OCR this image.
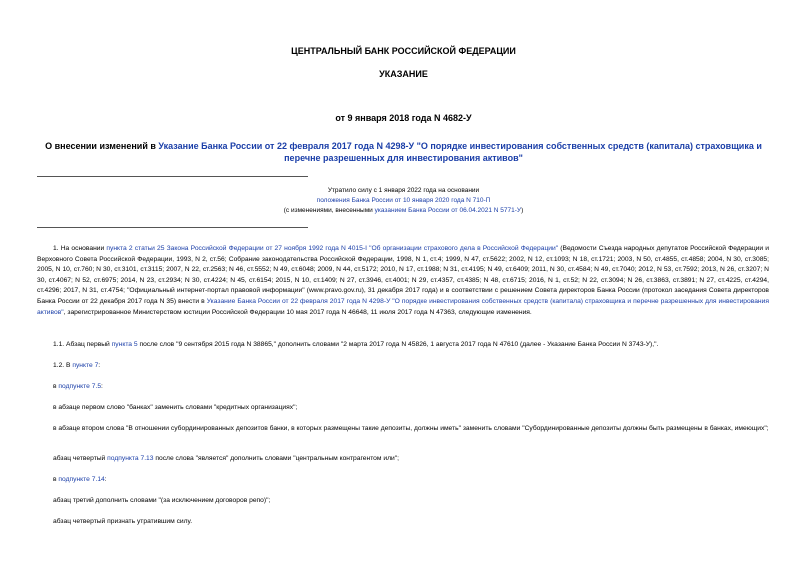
ЦЕНТРАЛЬНЫЙ БАНК РОССИЙСКОЙ ФЕДЕРАЦИИ
УКАЗАНИЕ
от 9 января 2018 года N 4682-У
О внесении изменений в Указание Банка России от 22 февраля 2017 года N 4298-У "О порядке инвестирования собственных средств (капитала) страховщика и перечне разрешенных для инвестирования активов"
Утратило силу с 1 января 2022 года на основании
положения Банка России от 10 января 2020 года N 710-П
(с изменениями, внесенными указанием Банка России от 06.04.2021 N 5771-У)
1. На основании пункта 2 статьи 25 Закона Российской Федерации от 27 ноября 1992 года N 4015-I "Об организации страхового дела в Российской Федерации" (Ведомости Съезда народных депутатов Российской Федерации и Верховного Совета Российской Федерации, 1993, N 2, ст.56; Собрание законодательства Российской Федерации, 1998, N 1, ст.4; 1999, N 47, ст.5622; 2002, N 12, ст.1093; N 18, ст.1721; 2003, N 50, ст.4855, ст.4858; 2004, N 30, ст.3085; 2005, N 10, ст.760; N 30, ст.3101, ст.3115; 2007, N 22, ст.2563; N 46, ст.5552; N 49, ст.6048; 2009, N 44, ст.5172; 2010, N 17, ст.1988; N 31, ст.4195; N 49, ст.6409; 2011, N 30, ст.4584; N 49, ст.7040; 2012, N 53, ст.7592; 2013, N 26, ст.3207; N 30, ст.4067; N 52, ст.6975; 2014, N 23, ст.2934; N 30, ст.4224; N 45, ст.6154; 2015, N 10, ст.1409; N 27, ст.3946, ст.4001; N 29, ст.4357, ст.4385; N 48, ст.6715; 2016, N 1, ст.52; N 22, ст.3094; N 26, ст.3863, ст.3891; N 27, ст.4225, ст.4294, ст.4296; 2017, N 31, ст.4754; "Официальный интернет-портал правовой информации" (www.pravo.gov.ru), 31 декабря 2017 года) и в соответствии с решением Совета директоров Банка России (протокол заседания Совета директоров Банка России от 22 декабря 2017 года N 35) внести в Указание Банка России от 22 февраля 2017 года N 4298-У "О порядке инвестирования собственных средств (капитала) страховщика и перечне разрешенных для инвестирования активов", зарегистрированное Министерством юстиции Российской Федерации 10 мая 2017 года N 46648, 11 июля 2017 года N 47363, следующие изменения.
1.1. Абзац первый пункта 5 после слов "9 сентября 2015 года N 38865," дополнить словами "2 марта 2017 года N 45826, 1 августа 2017 года N 47610 (далее - Указание Банка России N 3743-У),".
1.2. В пункте 7:
в подпункте 7.5:
в абзаце первом слово "банках" заменить словами "кредитных организациях";
в абзаце втором слова "В отношении субординированных депозитов банки, в которых размещены такие депозиты, должны иметь" заменить словами "Субординированные депозиты должны быть размещены в банках, имеющих";
абзац четвертый подпункта 7.13 после слова "является" дополнить словами "центральным контрагентом или";
в подпункте 7.14:
абзац третий дополнить словами "(за исключением договоров репо)";
абзац четвертый признать утратившим силу.
